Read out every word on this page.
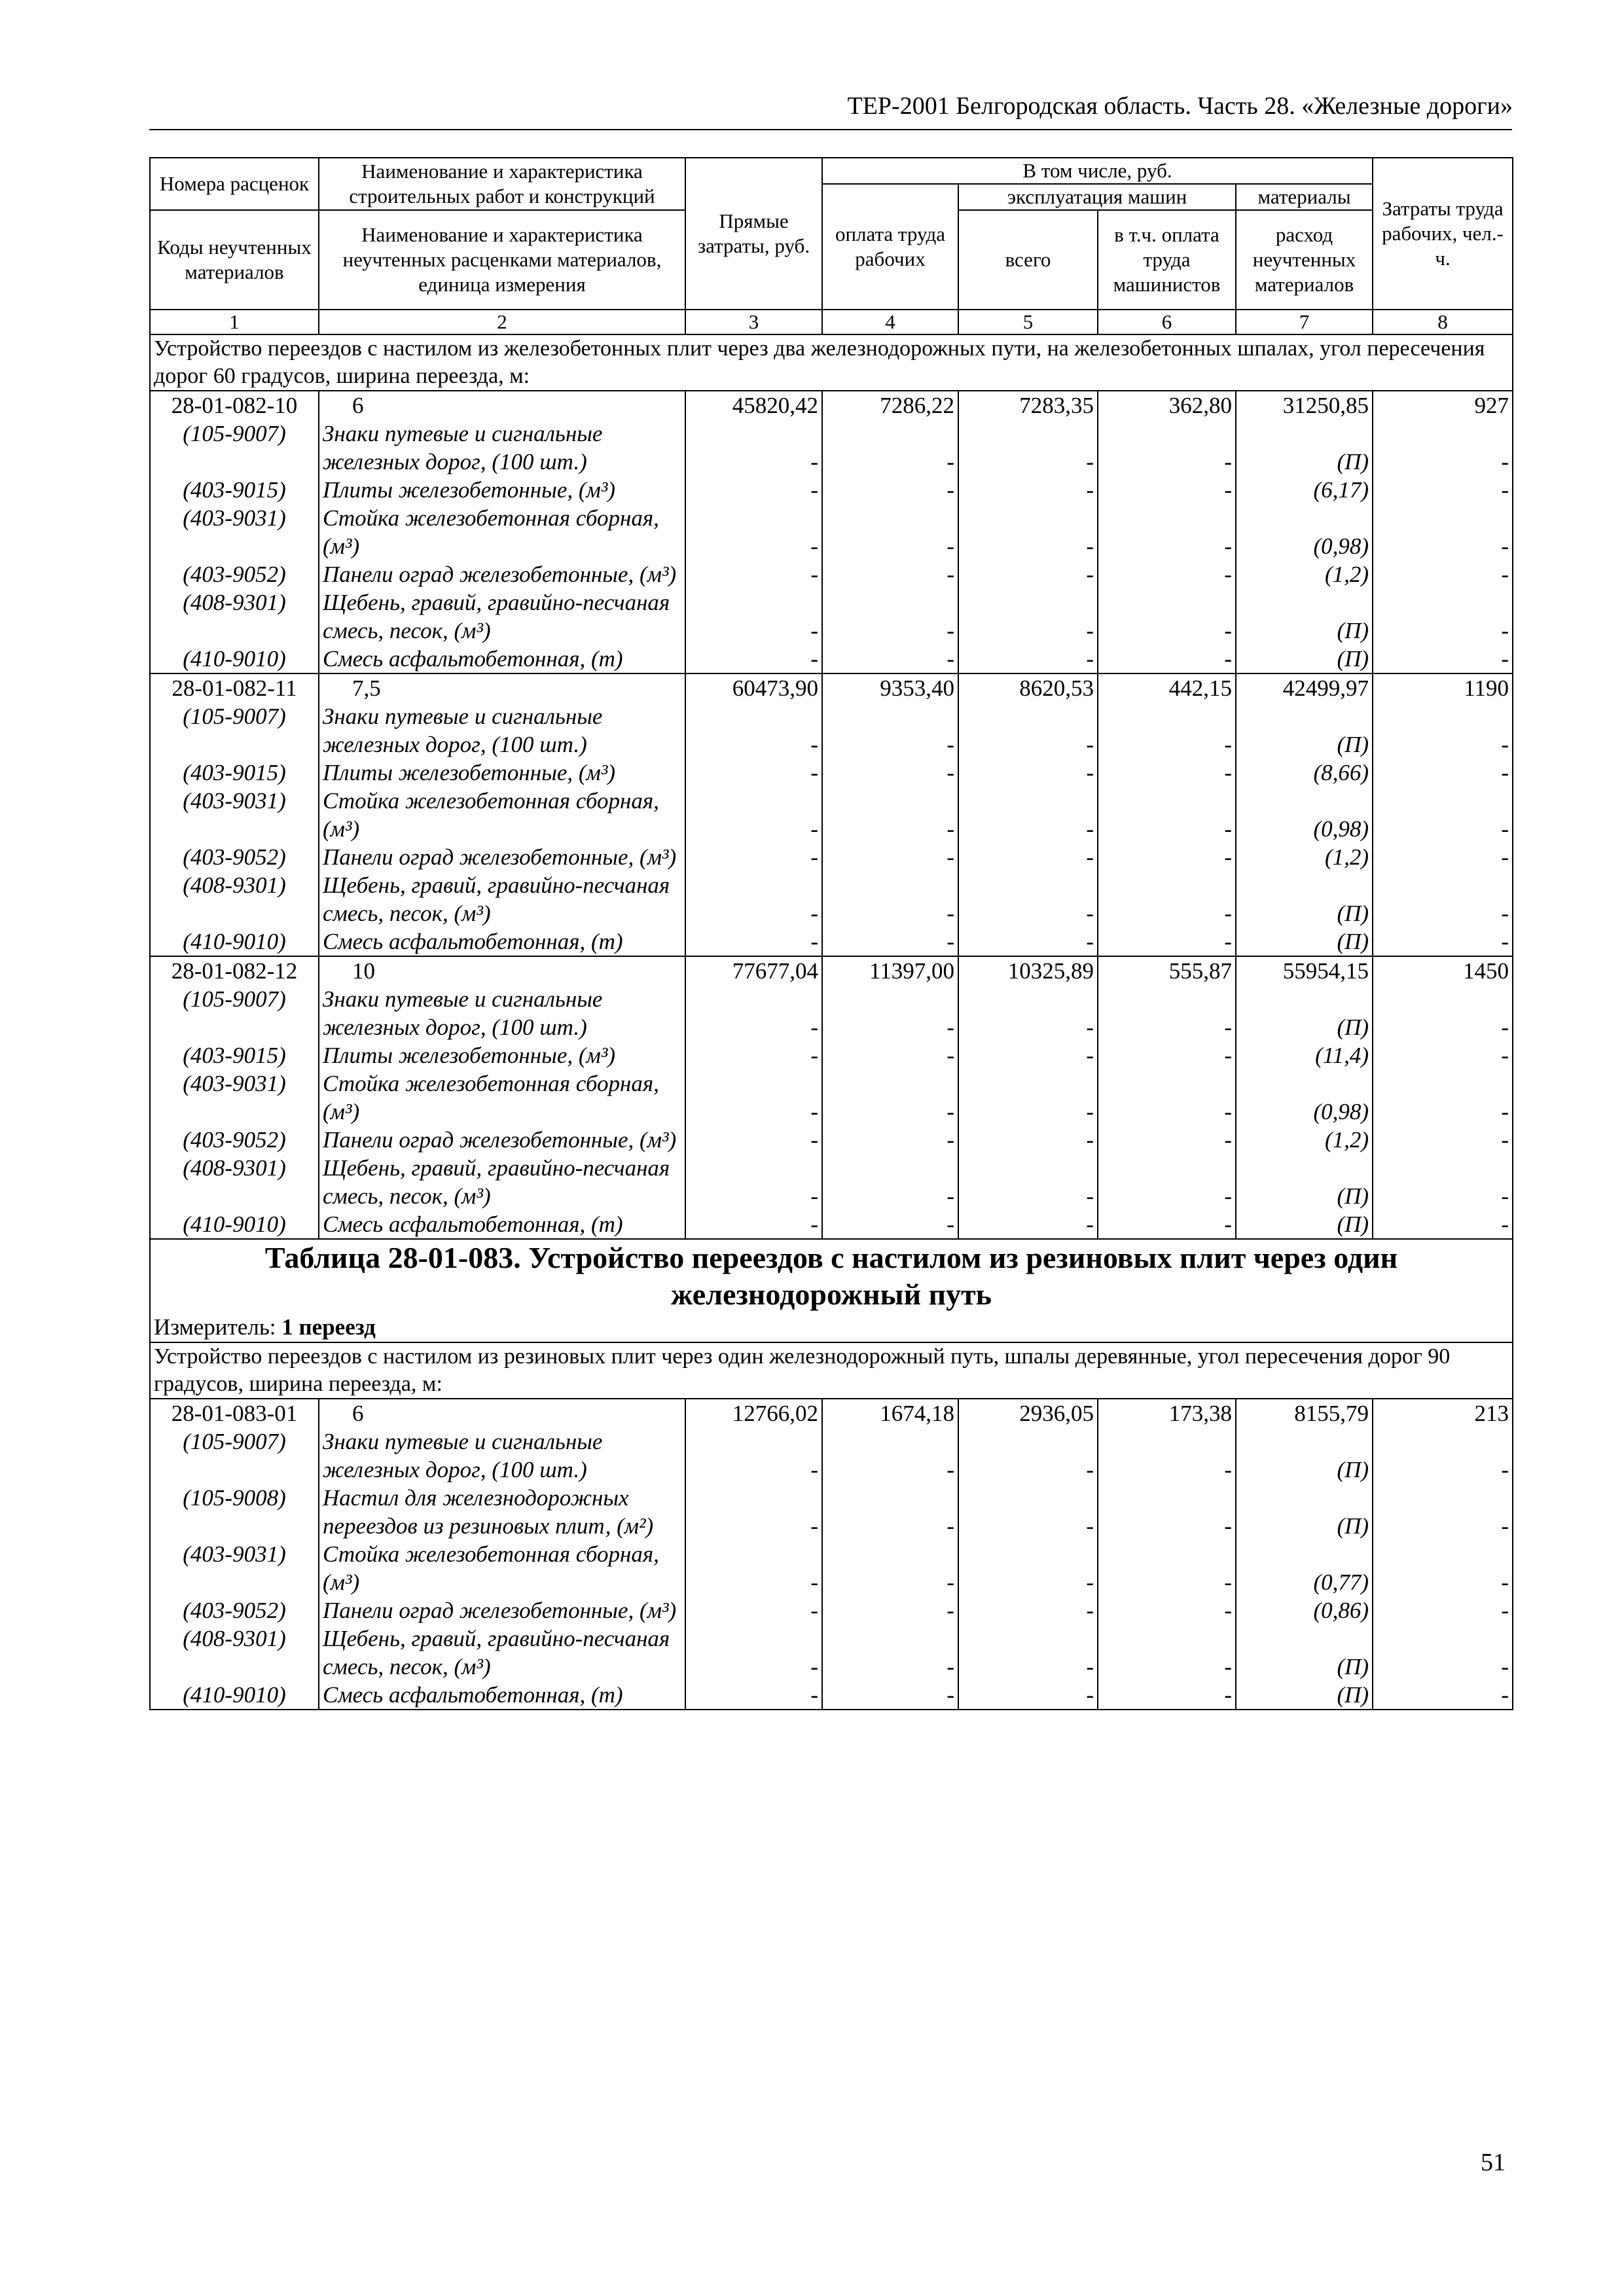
ТЕР-2001 Белгородская область. Часть 28. «Железные дороги»
Номера расценок	Наименование и характеристика строительных работ и конструкций	Прямые затраты, руб.	В том числе, руб.				Затраты труда рабочих, чел.-ч.
			оплата труда рабочих	эксплуатация машин		материалы	
Коды неучтенных материалов	Наименование и характеристика неучтенных расценками материалов, единица измерения			всего	в т.ч. оплата труда машинистов	расход неучтенных материалов	

1	2	3	4	5	6	7	8
Устройство переездов с настилом из железобетонных плит через два железнодорожных пути, на железобетонных шпалах, угол пересечения дорог 60 градусов, ширина переезда, м:							
28-01-082-10	6	45820,42	7286,22	7283,35	362,80	31250,85	927
(105-9007)	Знаки путевые и сигнальные железных дорог, (100 шт.)	-	-	-	-	(П)	-
(403-9015)	Плиты железобетонные, (м³)	-	-	-	-	(6,17)	-
(403-9031)	Стойка железобетонная сборная, (м³)	-	-	-	-	(0,98)	-
(403-9052)	Панели оград железобетонные, (м³)	-	-	-	-	(1,2)	-
(408-9301)	Щебень, гравий, гравийно-песчаная смесь, песок, (м³)	-	-	-	-	(П)	-
(410-9010)	Смесь асфальтобетонная, (т)	-	-	-	-	(П)	-
28-01-082-11	7,5	60473,90	9353,40	8620,53	442,15	42499,97	1190
(105-9007)	Знаки путевые и сигнальные железных дорог, (100 шт.)	-	-	-	-	(П)	-
(403-9015)	Плиты железобетонные, (м³)	-	-	-	-	(8,66)	-
(403-9031)	Стойка железобетонная сборная, (м³)	-	-	-	-	(0,98)	-
(403-9052)	Панели оград железобетонные, (м³)	-	-	-	-	(1,2)	-
(408-9301)	Щебень, гравий, гравийно-песчаная смесь, песок, (м³)	-	-	-	-	(П)	-
(410-9010)	Смесь асфальтобетонная, (т)	-	-	-	-	(П)	-
28-01-082-12	10	77677,04	11397,00	10325,89	555,87	55954,15	1450
(105-9007)	Знаки путевые и сигнальные железных дорог, (100 шт.)	-	-	-	-	(П)	-
(403-9015)	Плиты железобетонные, (м³)	-	-	-	-	(11,4)	-
(403-9031)	Стойка железобетонная сборная, (м³)	-	-	-	-	(0,98)	-
(403-9052)	Панели оград железобетонные, (м³)	-	-	-	-	(1,2)	-
(408-9301)	Щебень, гравий, гравийно-песчаная смесь, песок, (м³)	-	-	-	-	(П)	-
(410-9010)	Смесь асфальтобетонная, (т)	-	-	-	-	(П)	-

Таблица 28-01-083. Устройство переездов с настилом из резиновых плит через один железнодорожный путь							

Измеритель: 1 переезд							
Устройство переездов с настилом из резиновых плит через один железнодорожный путь, шпалы деревянные, угол пересечения дорог 90 градусов, ширина переезда, м:							
28-01-083-01	6	12766,02	1674,18	2936,05	173,38	8155,79	213
(105-9007)	Знаки путевые и сигнальные железных дорог, (100 шт.)	-	-	-	-	(П)	-
(105-9008)	Настил для железнодорожных переездов из резиновых плит, (м²)	-	-	-	-	(П)	-
(403-9031)	Стойка железобетонная сборная, (м³)	-	-	-	-	(0,77)	-
(403-9052)	Панели оград железобетонные, (м³)	-	-	-	-	(0,86)	-
(408-9301)	Щебень, гравий, гравийно-песчаная смесь, песок, (м³)	-	-	-	-	(П)	-
(410-9010)	Смесь асфальтобетонная, (т)	-	-	-	-	(П)	-
51
